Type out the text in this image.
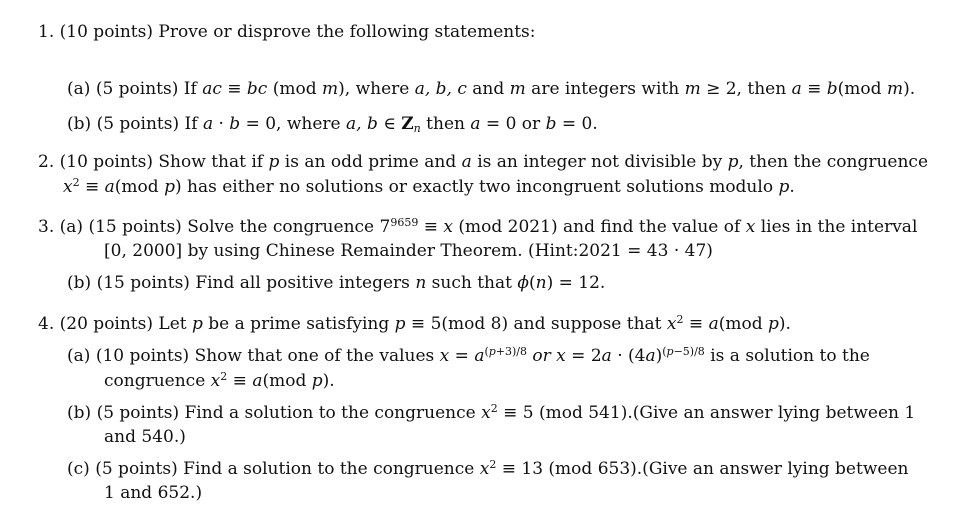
1. (10 points) Prove or disprove the following statements:
(a) (5 points) If ac ≡ bc (mod m), where a, b, c and m are integers with m ≥ 2, then a ≡ b(mod m).
(b) (5 points) If a · b = 0, where a, b ∈ $Z_n$ then a = 0 or b = 0.
2. (10 points) Show that if p is an odd prime and a is an integer not divisible by p, then the congruence
$x^2 \equiv a(mod$ p) has either no solutions or exactly two incongruent solutions modulo p.
3. (a) (15 points) Solve the congruence $7^{9659} \equiv x$ (mod 2021) and find the value of x lies in the interval
[0, 2000] by using Chinese Remainder Theorem. (Hint:2021 = 43 · 47)
(b) (15 points) Find all positive integers n such that ϕ(n) = 12.
4. (20 points) Let p be a prime satisfying p ≡ 5(mod 8) and suppose that $x^2 \equiv a(mod$ p).
(a) (10 points) Show that one of the values $x = a^{(p+3)/8}$ or $x = 2a \cdot (4a)^{(p-5)/8}$ is a solution to the
congruence $x^2 \equiv a(mod$ p).
(b) (5 points) Find a solution to the congruence $x^2 \equiv 5$ (mod 541).(Give an answer lying between 1
and 540.)
(c) (5 points) Find a solution to the congruence $x^2 \equiv 13$ (mod 653).(Give an answer lying between
1 and 652.)
